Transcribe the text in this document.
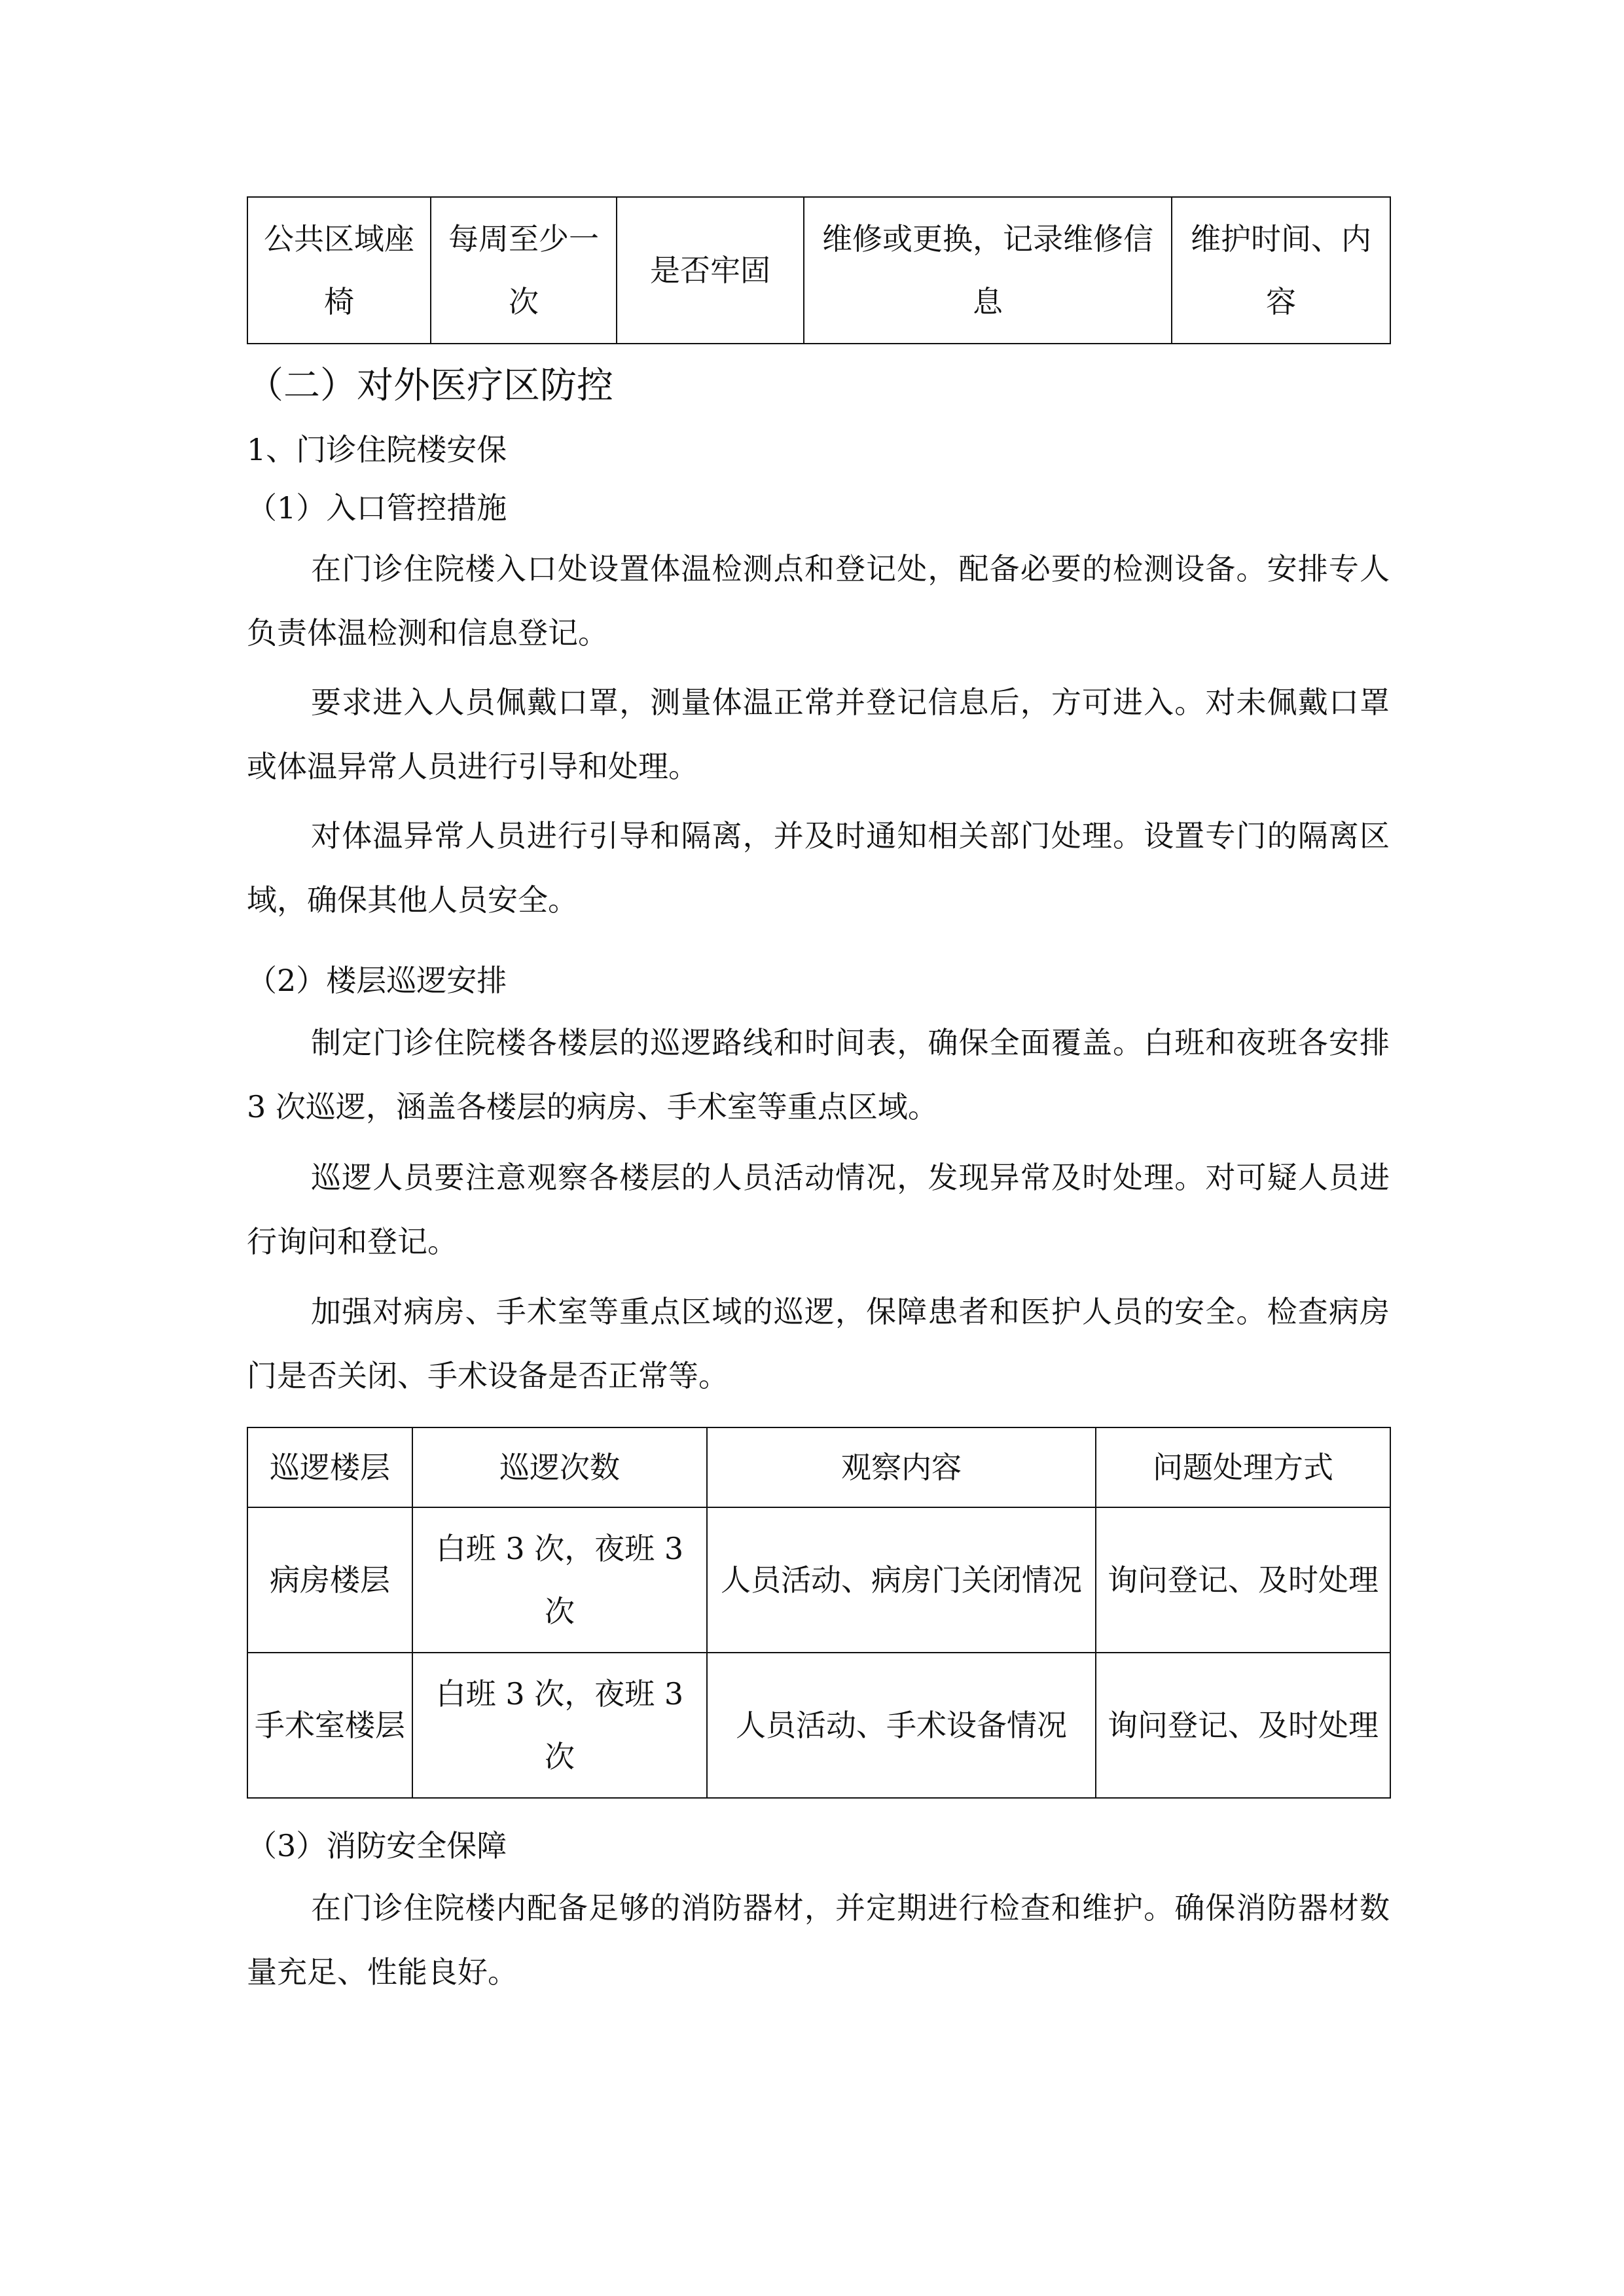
公共区域座椅	每周至少一次	是否牢固	维修或更换，记录维修信息	维护时间、内容
（二）对外医疗区防控
1、门诊住院楼安保
（1）入口管控措施

在门诊住院楼入口处设置体温检测点和登记处，配备必要的检测设备。安排专人负责体温检测和信息登记。

要求进入人员佩戴口罩，测量体温正常并登记信息后，方可进入。对未佩戴口罩或体温异常人员进行引导和处理。

对体温异常人员进行引导和隔离，并及时通知相关部门处理。设置专门的隔离区域，确保其他人员安全。

（2）楼层巡逻安排

制定门诊住院楼各楼层的巡逻路线和时间表，确保全面覆盖。白班和夜班各安排 3 次巡逻，涵盖各楼层的病房、手术室等重点区域。

巡逻人员要注意观察各楼层的人员活动情况，发现异常及时处理。对可疑人员进行询问和登记。

加强对病房、手术室等重点区域的巡逻，保障患者和医护人员的安全。检查病房门是否关闭、手术设备是否正常等。

巡逻楼层	巡逻次数	观察内容	问题处理方式
病房楼层	白班 3 次，夜班 3 次	人员活动、病房门关闭情况	询问登记、及时处理
手术室楼层	白班 3 次，夜班 3 次	人员活动、手术设备情况	询问登记、及时处理
（3）消防安全保障

在门诊住院楼内配备足够的消防器材，并定期进行检查和维护。确保消防器材数量充足、性能良好。
